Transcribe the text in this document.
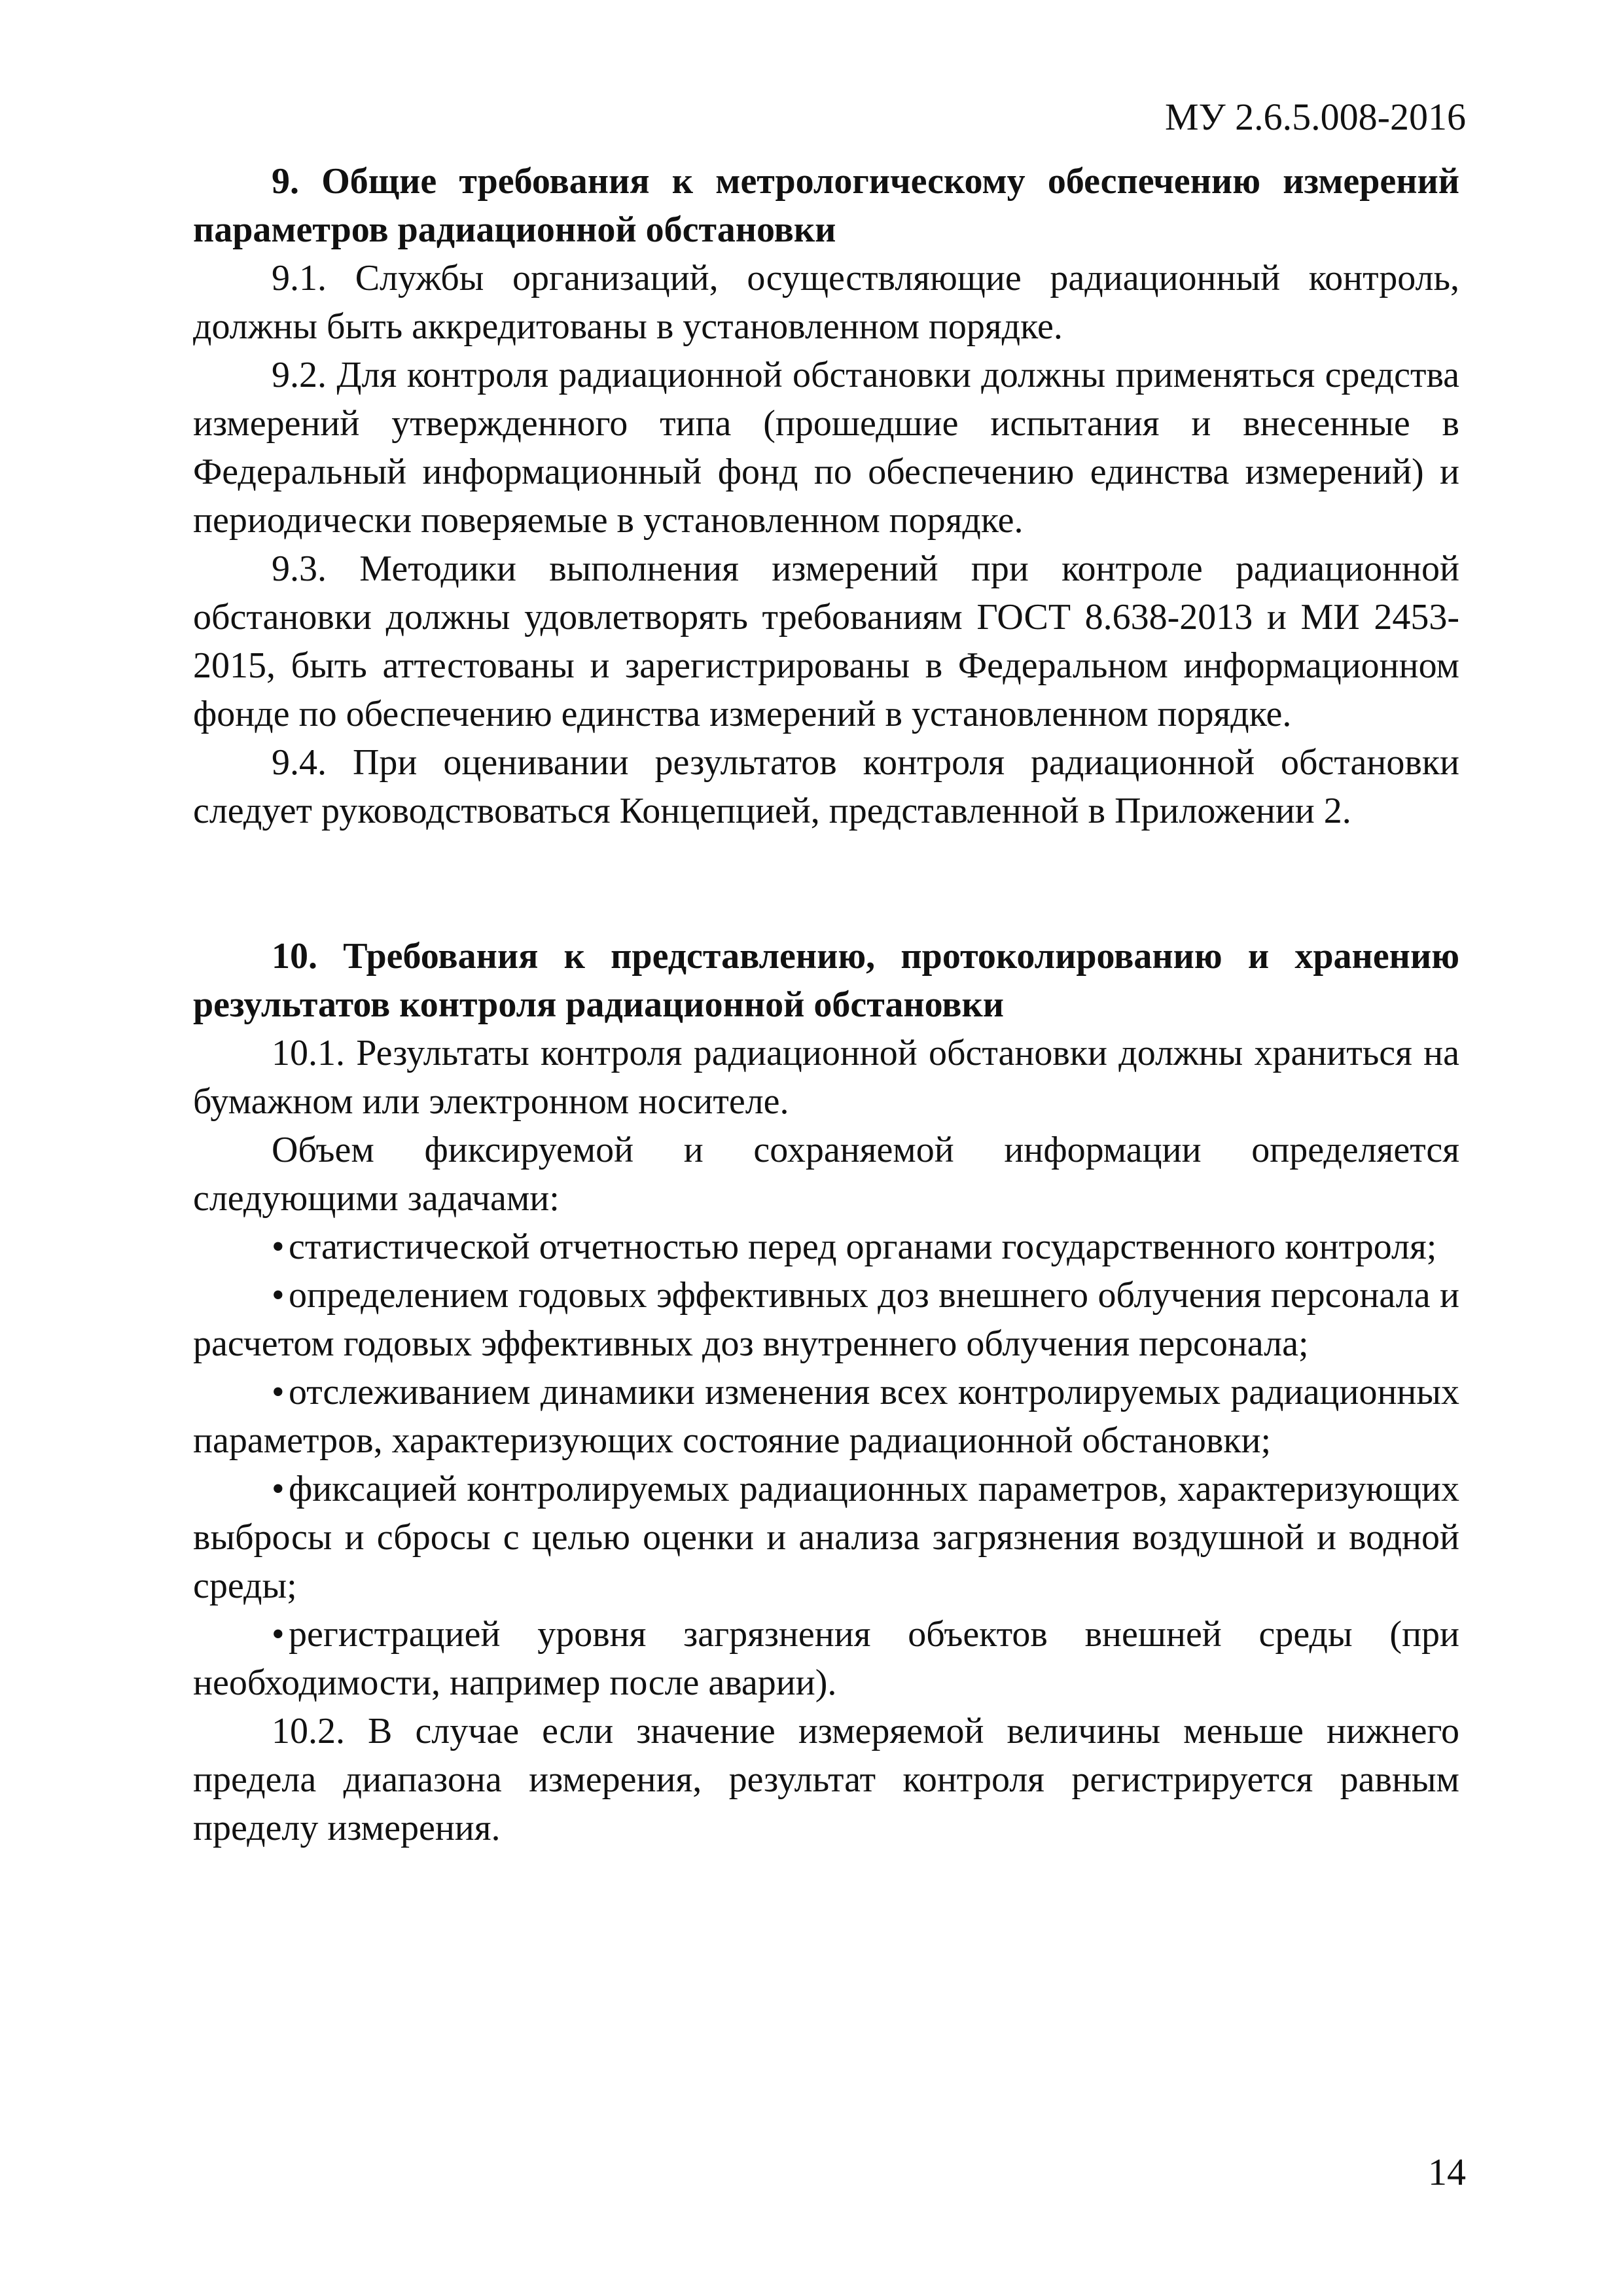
МУ 2.6.5.008-2016

9. Общие требования к метрологическому обеспечению измерений параметров радиационной обстановки

9.1. Службы организаций, осуществляющие радиационный контроль, должны быть аккредитованы в установленном порядке.

9.2. Для контроля радиационной обстановки должны применяться средства измерений утвержденного типа (прошедшие испытания и внесенные в Федеральный информационный фонд по обеспечению единства измерений) и периодически поверяемые в установленном порядке.

9.3. Методики выполнения измерений при контроле радиационной обстановки должны удовлетворять требованиям ГОСТ 8.638-2013 и МИ 2453-2015, быть аттестованы и зарегистрированы в Федеральном информационном фонде по обеспечению единства измерений в установленном порядке.

9.4. При оценивании результатов контроля радиационной обстановки следует руководствоваться Концепцией, представленной в Приложении 2.

10. Требования к представлению, протоколированию и хранению результатов контроля радиационной обстановки

10.1. Результаты контроля радиационной обстановки должны храниться на бумажном или электронном носителе.

Объем фиксируемой и сохраняемой информации определяется следующими задачами:

• статистической отчетностью перед органами государственного контроля;

• определением годовых эффективных доз внешнего облучения персонала и расчетом годовых эффективных доз внутреннего облучения персонала;

• отслеживанием динамики изменения всех контролируемых радиационных параметров, характеризующих состояние радиационной обстановки;

• фиксацией контролируемых радиационных параметров, характеризующих выбросы и сбросы с целью оценки и анализа загрязнения воздушной и водной среды;

• регистрацией уровня загрязнения объектов внешней среды (при необходимости, например после аварии).

10.2. В случае если значение измеряемой величины меньше нижнего предела диапазона измерения, результат контроля регистрируется равным пределу измерения.

14
